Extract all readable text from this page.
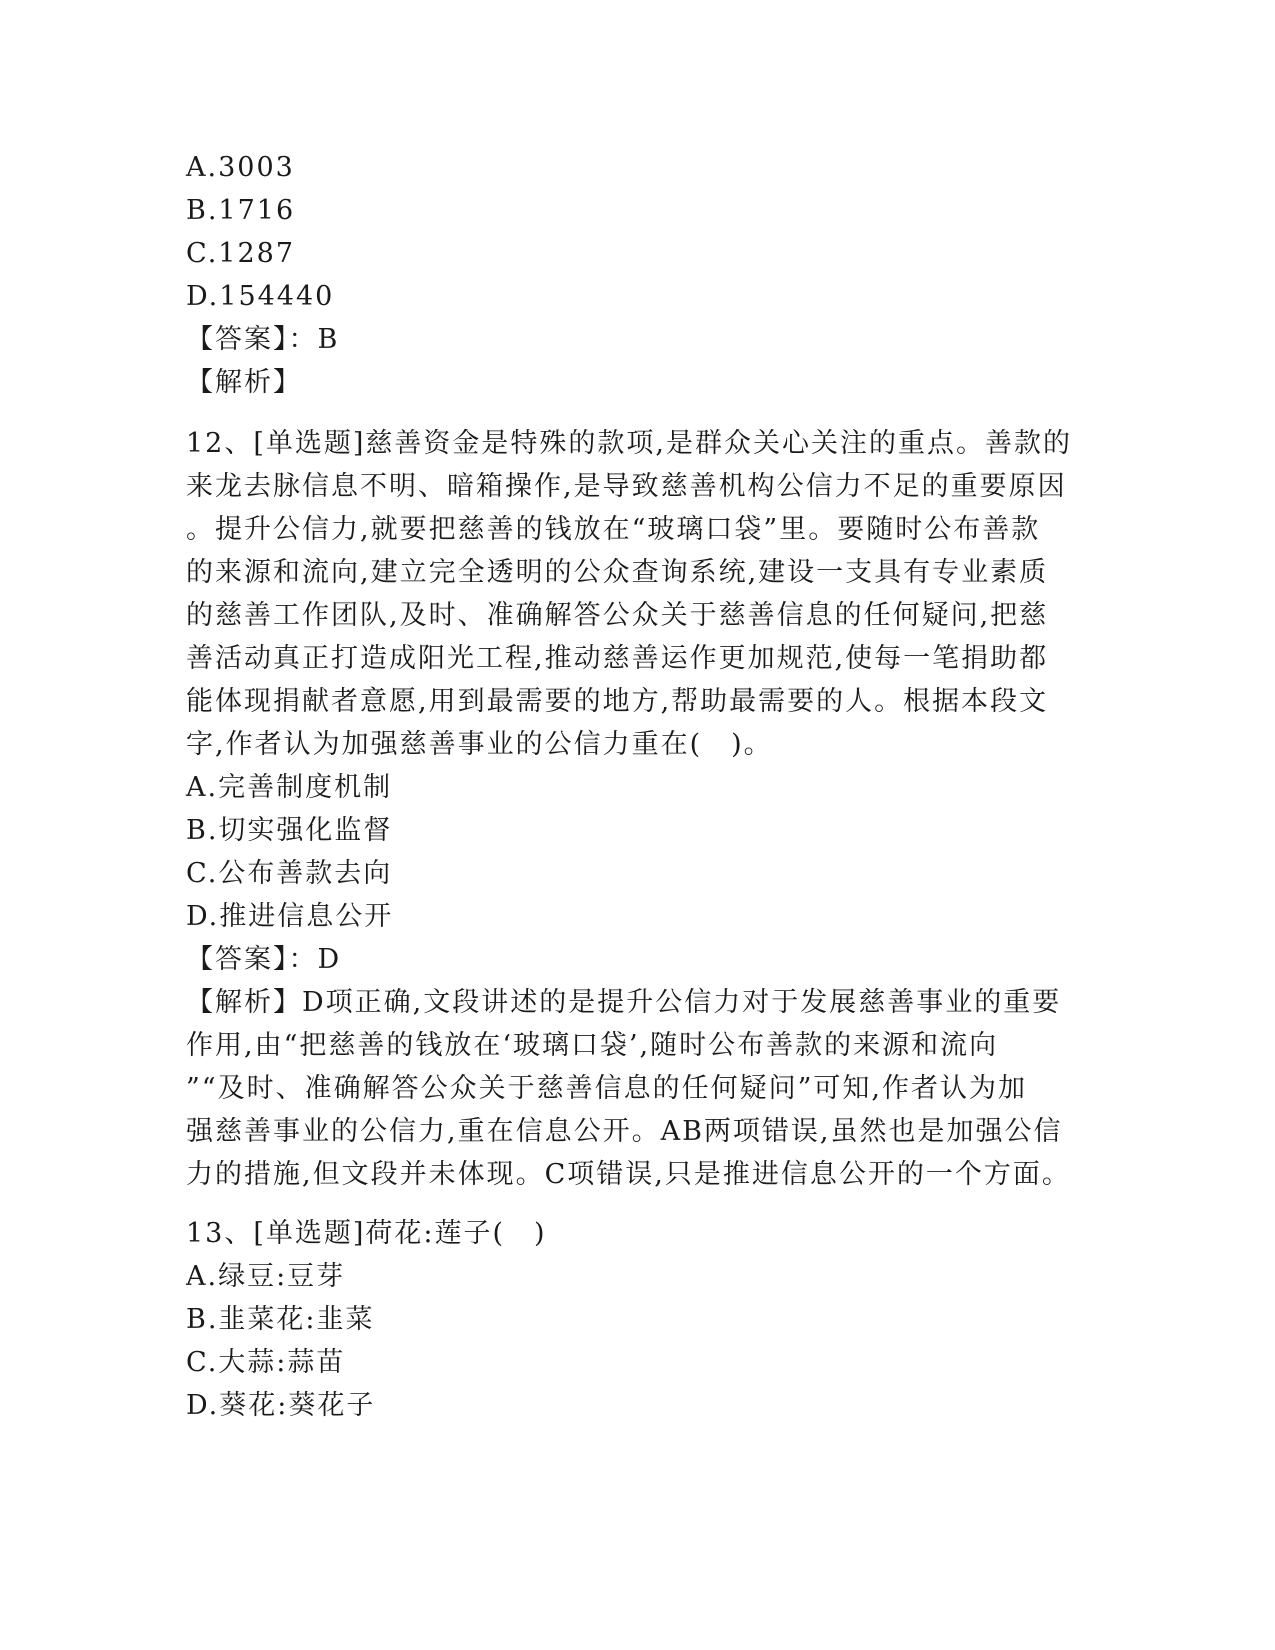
A.3003
B.1716
C.1287
D.154440
【答案】：B
【解析】
12、[单选题]慈善资金是特殊的款项,是群众关心关注的重点。善款的
来龙去脉信息不明、暗箱操作,是导致慈善机构公信力不足的重要原因
。提升公信力,就要把慈善的钱放在“玻璃口袋”里。要随时公布善款
的来源和流向,建立完全透明的公众查询系统,建设一支具有专业素质
的慈善工作团队,及时、准确解答公众关于慈善信息的任何疑问,把慈
善活动真正打造成阳光工程,推动慈善运作更加规范,使每一笔捐助都
能体现捐献者意愿,用到最需要的地方,帮助最需要的人。根据本段文
字,作者认为加强慈善事业的公信力重在(　)。
A.完善制度机制
B.切实强化监督
C.公布善款去向
D.推进信息公开
【答案】：D
【解析】D项正确,文段讲述的是提升公信力对于发展慈善事业的重要
作用,由“把慈善的钱放在‘玻璃口袋’,随时公布善款的来源和流向
”“及时、准确解答公众关于慈善信息的任何疑问”可知,作者认为加
强慈善事业的公信力,重在信息公开。AB两项错误,虽然也是加强公信
力的措施,但文段并未体现。C项错误,只是推进信息公开的一个方面。
13、[单选题]荷花:莲子(　)
A.绿豆:豆芽
B.韭菜花:韭菜
C.大蒜:蒜苗
D.葵花:葵花子
